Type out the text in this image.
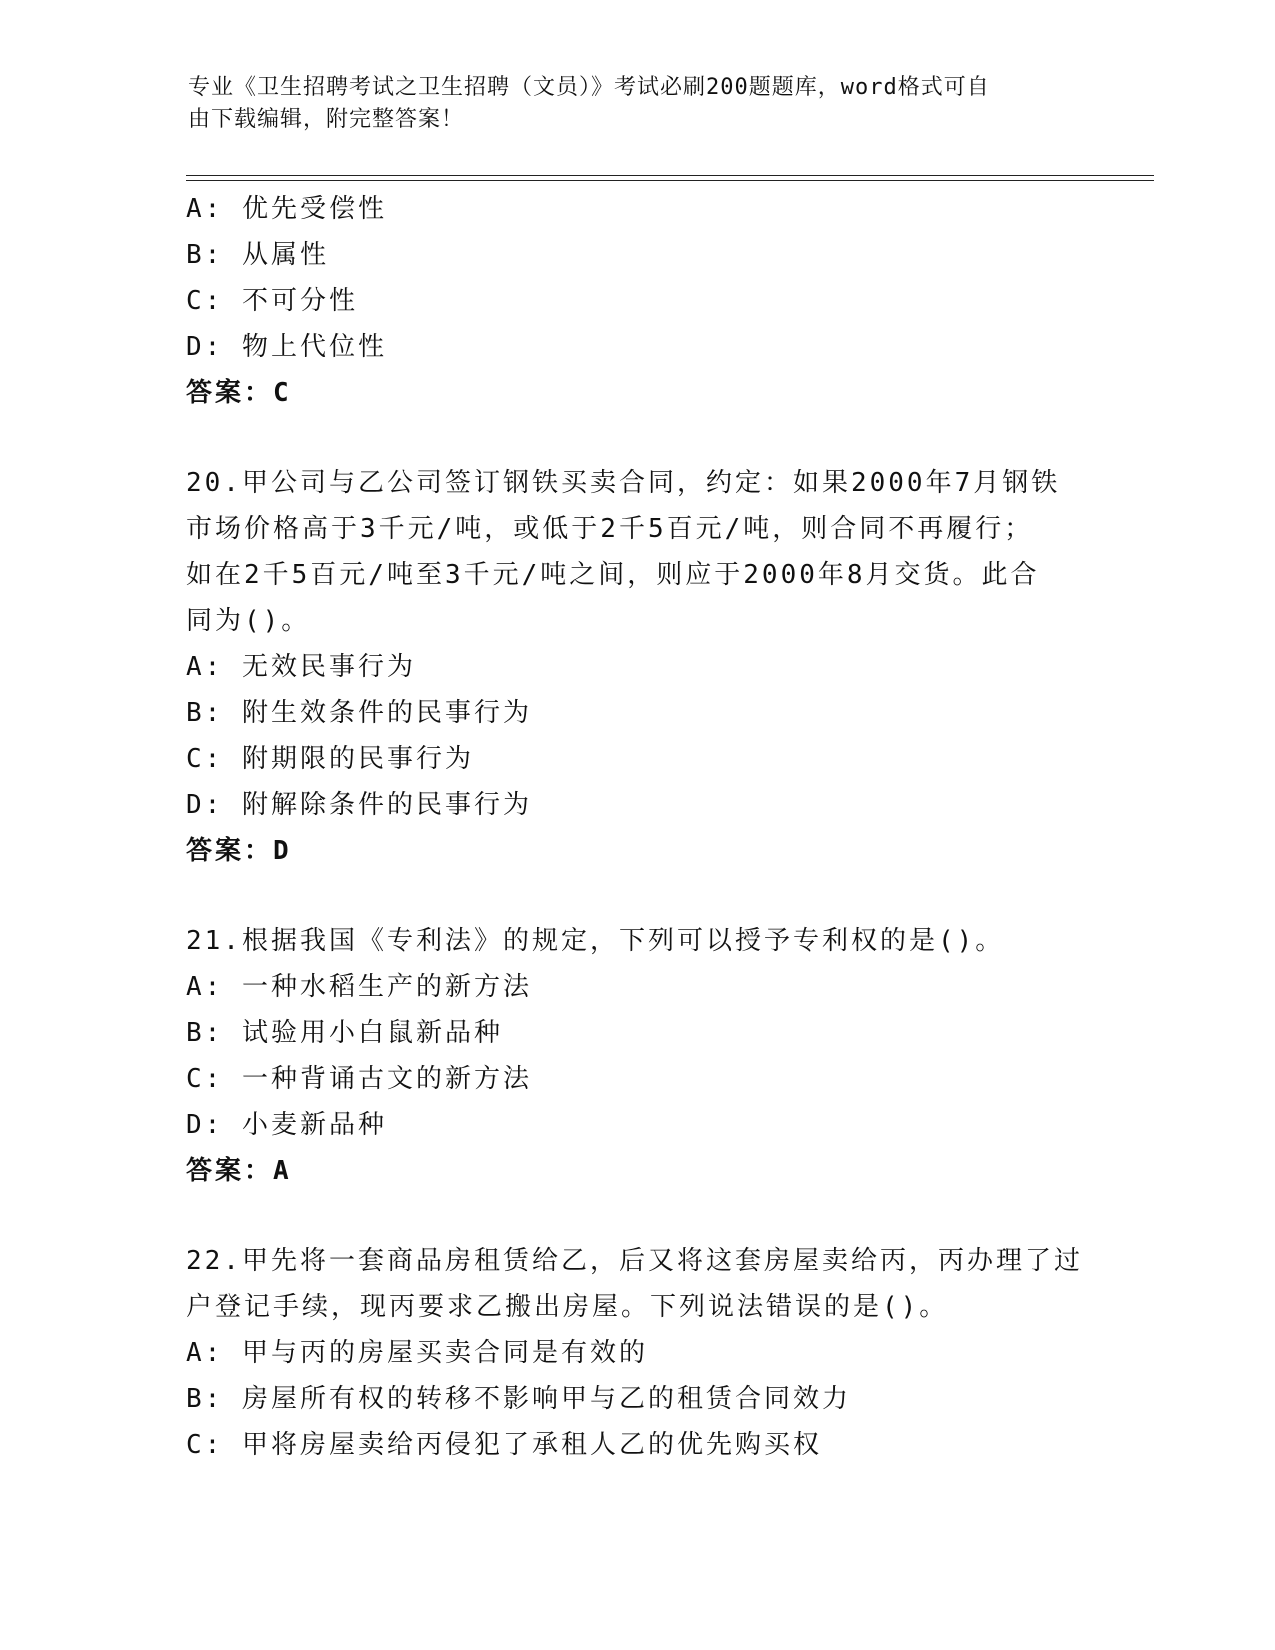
专业《卫生招聘考试之卫生招聘（文员）》考试必刷200题题库，word格式可自
由下载编辑，附完整答案！
A: 优先受偿性
B: 从属性
C: 不可分性
D: 物上代位性
答案：C
20.甲公司与乙公司签订钢铁买卖合同，约定：如果2000年7月钢铁
市场价格高于3千元/吨，或低于2千5百元/吨，则合同不再履行；
如在2千5百元/吨至3千元/吨之间，则应于2000年8月交货。此合
同为()。
A: 无效民事行为
B: 附生效条件的民事行为
C: 附期限的民事行为
D: 附解除条件的民事行为
答案：D
21.根据我国《专利法》的规定，下列可以授予专利权的是()。
A: 一种水稻生产的新方法
B: 试验用小白鼠新品种
C: 一种背诵古文的新方法
D: 小麦新品种
答案：A
22.甲先将一套商品房租赁给乙，后又将这套房屋卖给丙，丙办理了过
户登记手续，现丙要求乙搬出房屋。下列说法错误的是()。
A: 甲与丙的房屋买卖合同是有效的
B: 房屋所有权的转移不影响甲与乙的租赁合同效力
C: 甲将房屋卖给丙侵犯了承租人乙的优先购买权
